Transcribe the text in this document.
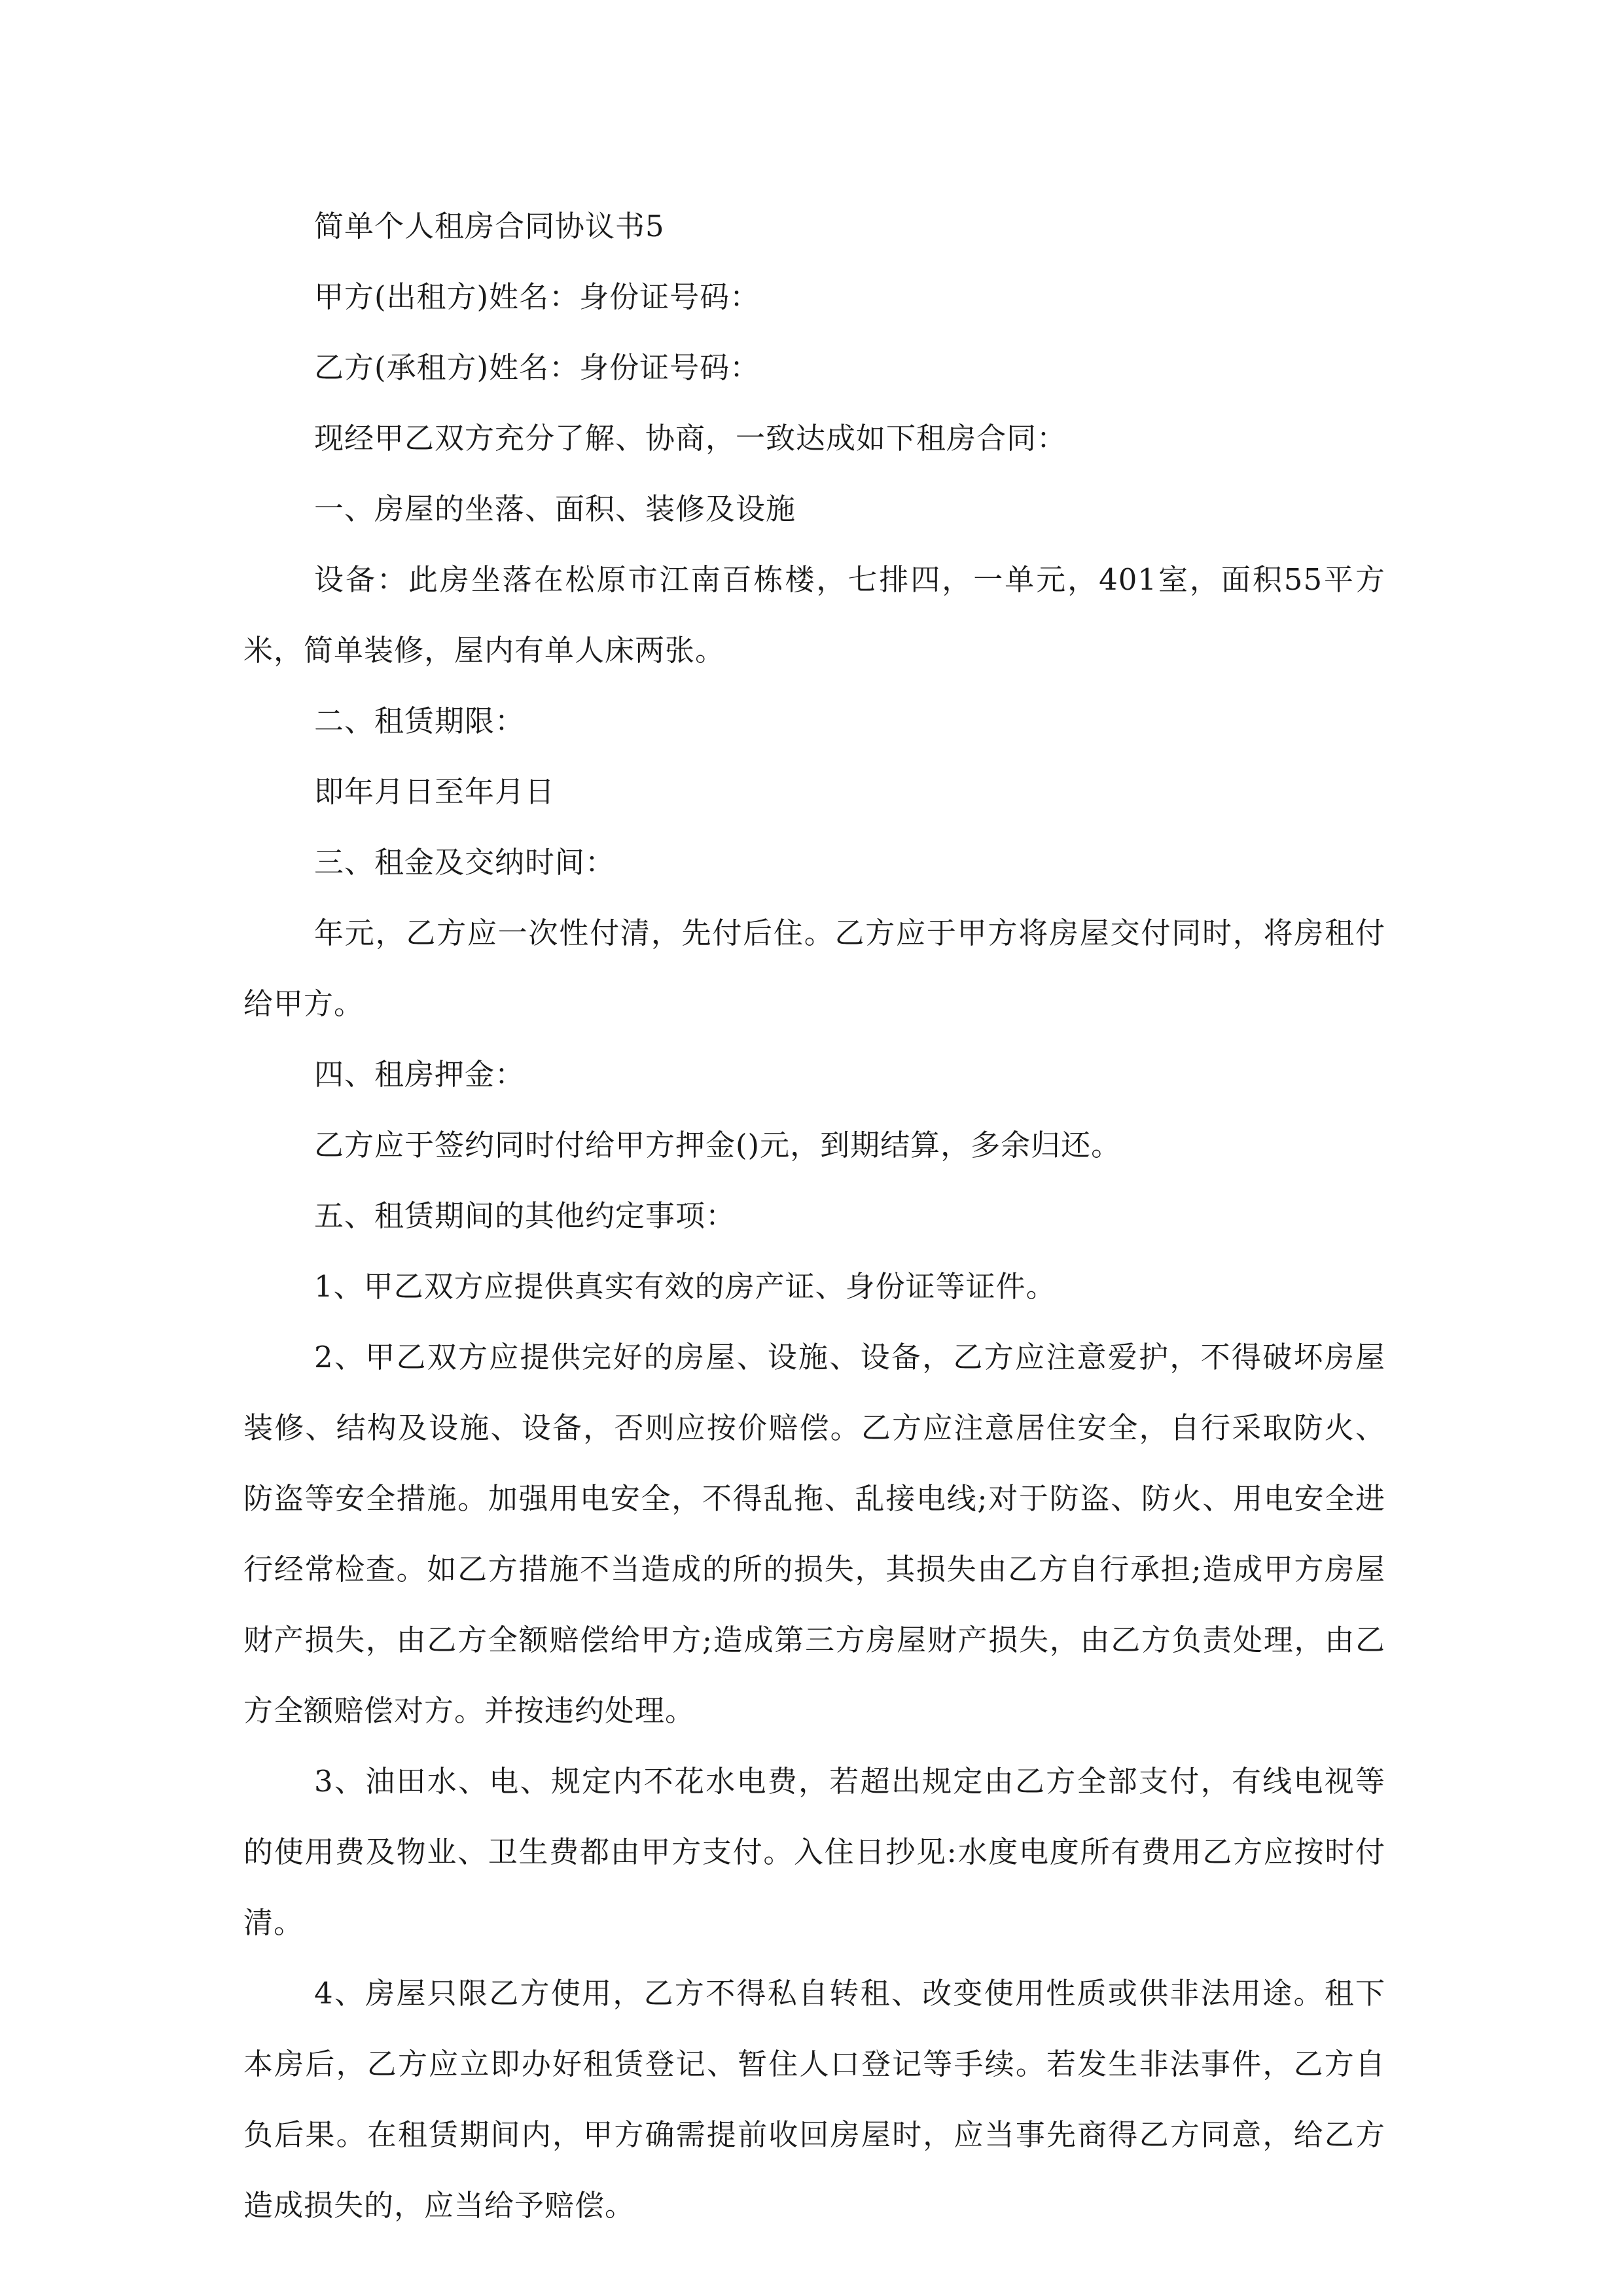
简单个人租房合同协议书5

甲方(出租方)姓名：身份证号码：

乙方(承租方)姓名：身份证号码：

现经甲乙双方充分了解、协商，一致达成如下租房合同：

一、房屋的坐落、面积、装修及设施

设备：此房坐落在松原市江南百栋楼，七排四，一单元，401室，面积55平方米，简单装修，屋内有单人床两张。

二、租赁期限：

即年月日至年月日

三、租金及交纳时间：

年元，乙方应一次性付清，先付后住。乙方应于甲方将房屋交付同时，将房租付给甲方。

四、租房押金：

乙方应于签约同时付给甲方押金()元，到期结算，多余归还。

五、租赁期间的其他约定事项：

1、甲乙双方应提供真实有效的房产证、身份证等证件。

2、甲乙双方应提供完好的房屋、设施、设备，乙方应注意爱护，不得破坏房屋装修、结构及设施、设备，否则应按价赔偿。乙方应注意居住安全，自行采取防火、防盗等安全措施。加强用电安全，不得乱拖、乱接电线;对于防盗、防火、用电安全进行经常检查。如乙方措施不当造成的所的损失，其损失由乙方自行承担;造成甲方房屋财产损失，由乙方全额赔偿给甲方;造成第三方房屋财产损失，由乙方负责处理，由乙方全额赔偿对方。并按违约处理。

3、油田水、电、规定内不花水电费，若超出规定由乙方全部支付，有线电视等的使用费及物业、卫生费都由甲方支付。入住日抄见:水度电度所有费用乙方应按时付清。

4、房屋只限乙方使用，乙方不得私自转租、改变使用性质或供非法用途。租下本房后，乙方应立即办好租赁登记、暂住人口登记等手续。若发生非法事件，乙方自负后果。在租赁期间内，甲方确需提前收回房屋时，应当事先商得乙方同意，给乙方造成损失的，应当给予赔偿。
